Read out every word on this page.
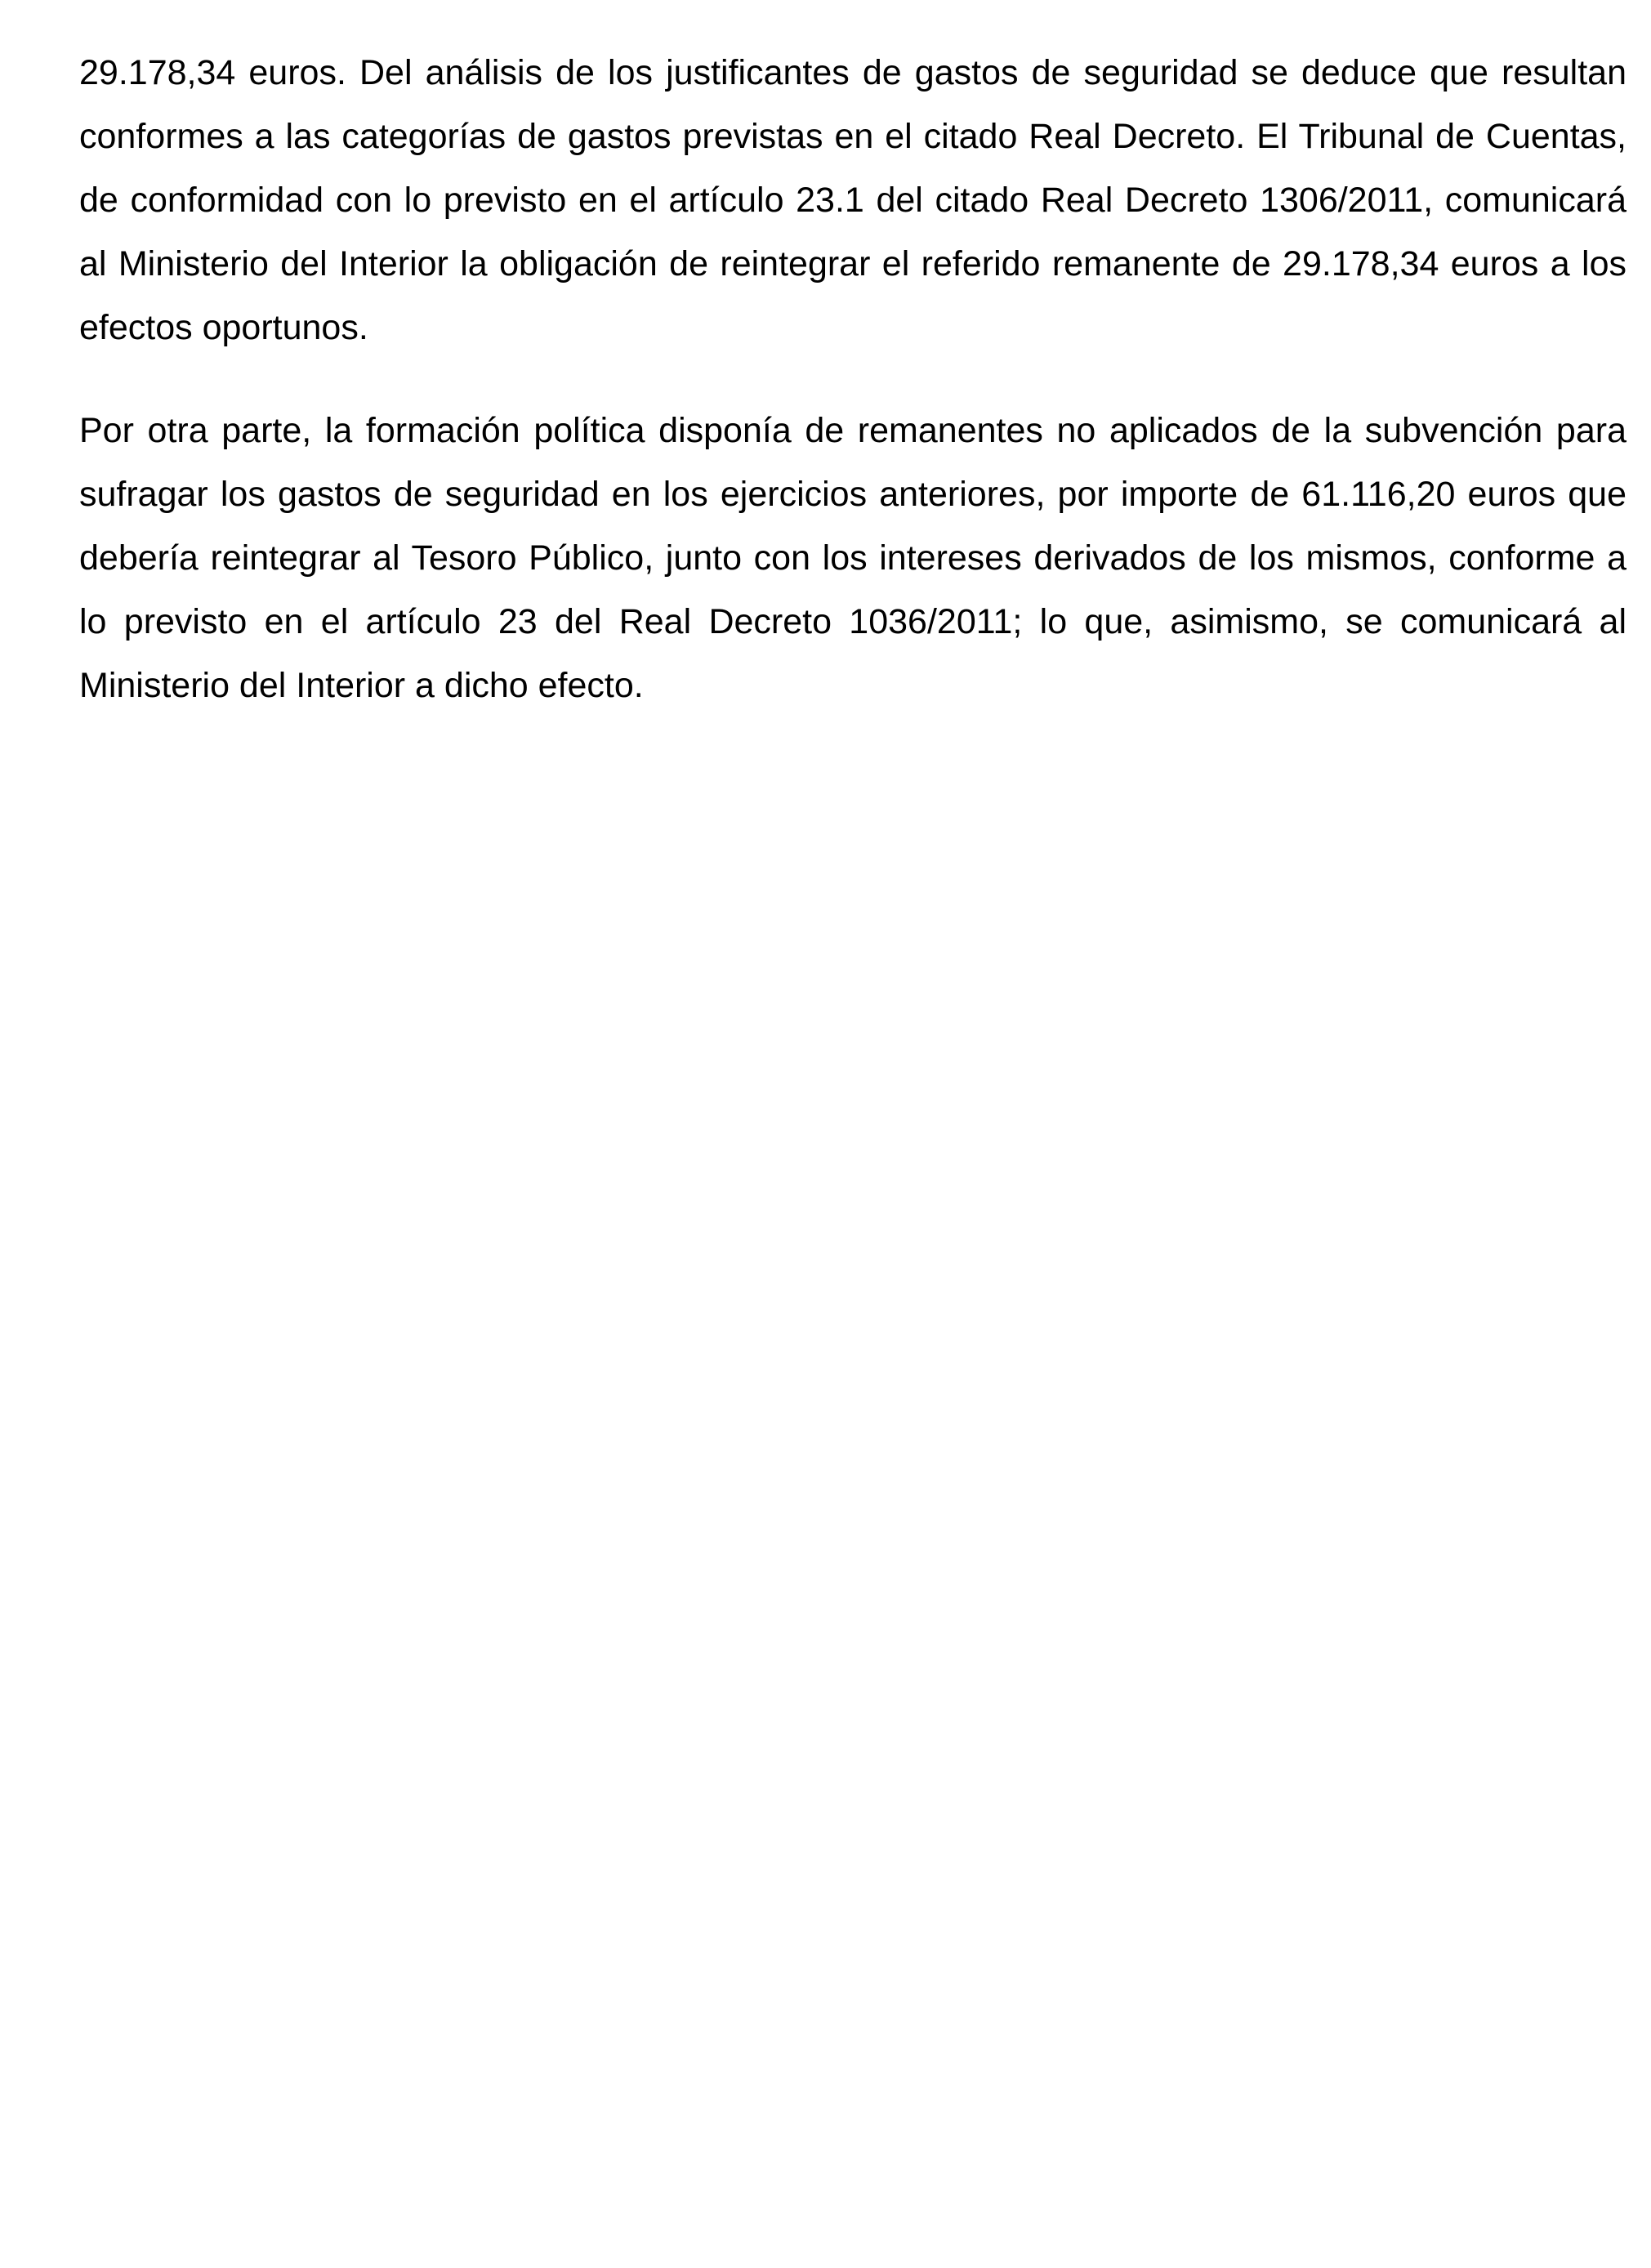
29.178,34 euros. Del análisis de los justificantes de gastos de seguridad se deduce que resultan conformes a las categorías de gastos previstas en el citado Real Decreto. El Tribunal de Cuentas, de conformidad con lo previsto en el artículo 23.1 del citado Real Decreto 1306/2011, comunicará al Ministerio del Interior la obligación de reintegrar el referido remanente de 29.178,34 euros a los efectos oportunos.

Por otra parte, la formación política disponía de remanentes no aplicados de la subvención para sufragar los gastos de seguridad en los ejercicios anteriores, por importe de 61.116,20 euros que debería reintegrar al Tesoro Público, junto con los intereses derivados de los mismos, conforme a lo previsto en el artículo 23 del Real Decreto 1036/2011; lo que, asimismo, se comunicará al Ministerio del Interior a dicho efecto.
